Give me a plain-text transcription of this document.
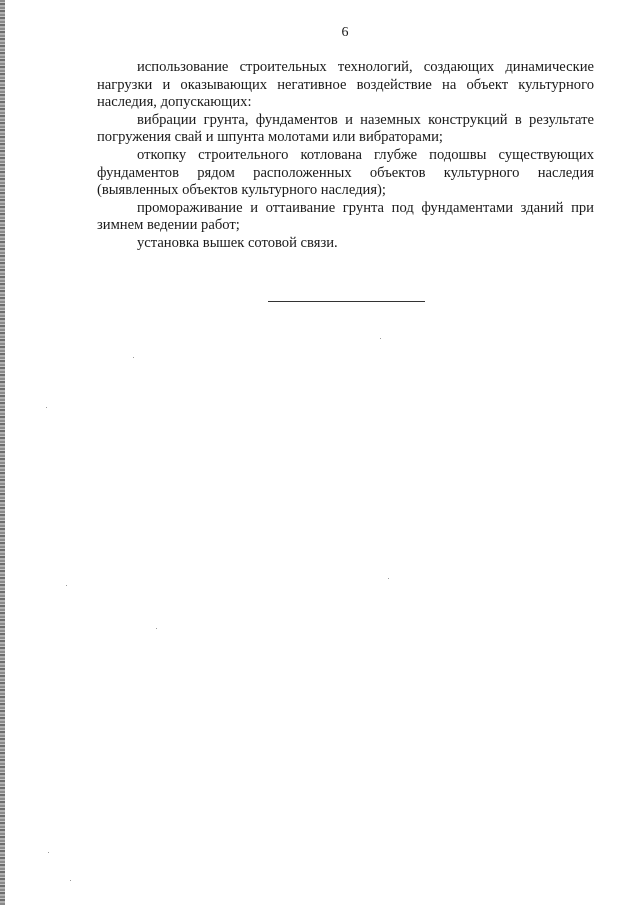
6

использование строительных технологий, создающих динамические нагрузки и оказывающих негативное воздействие на объект культурного наследия, допускающих:

вибрации грунта, фундаментов и наземных конструкций в результате погружения свай и шпунта молотами или вибраторами;

откопку строительного котлована глубже подошвы существующих фундаментов рядом расположенных объектов культурного наследия (выявленных объектов культурного наследия);

промораживание и оттаивание грунта под фундаментами зданий при зимнем ведении работ;

установка вышек сотовой связи.
